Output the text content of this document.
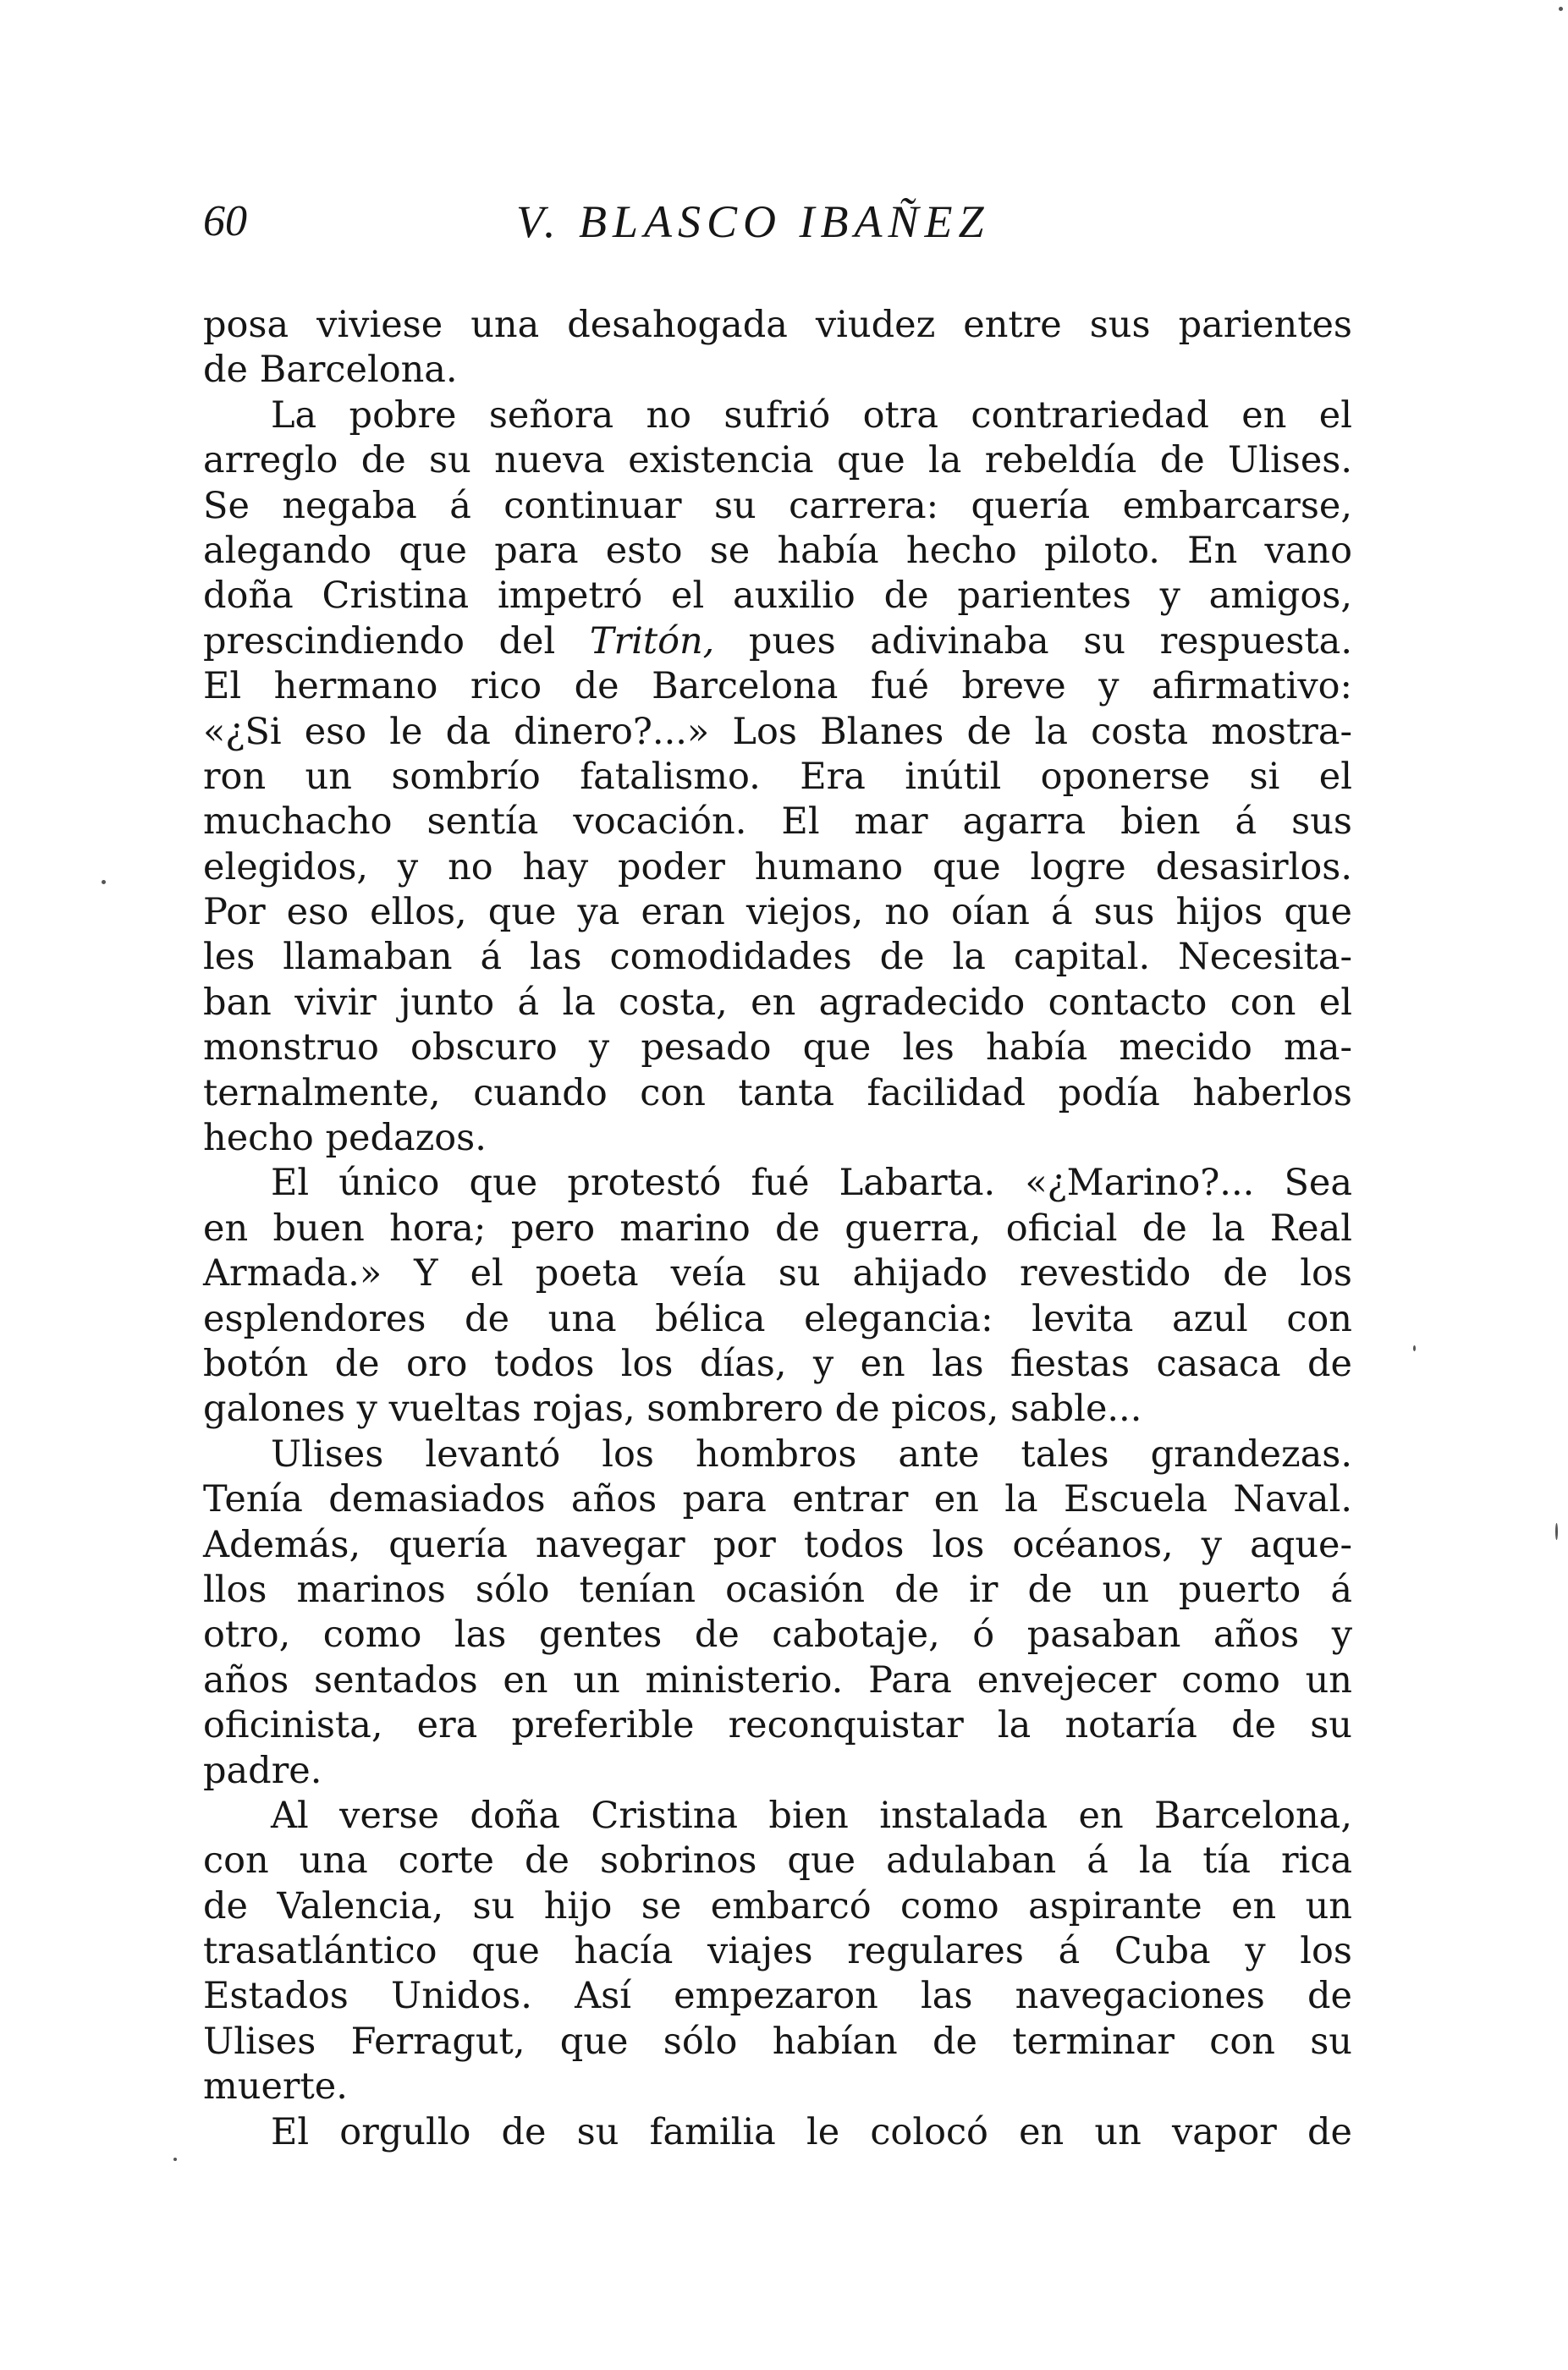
60	V. BLASCO IBAÑEZ
posa viviese una desahogada viudez entre sus parientes
de Barcelona.
La pobre señora no sufrió otra contrariedad en el
arreglo de su nueva existencia que la rebeldía de Ulises.
Se negaba á continuar su carrera: quería embarcarse,
alegando que para esto se había hecho piloto. En vano
doña Cristina impetró el auxilio de parientes y amigos,
prescindiendo del Tritón, pues adivinaba su respuesta.
El hermano rico de Barcelona fué breve y afirmativo:
«¿Si eso le da dinero?...» Los Blanes de la costa mostra-
ron un sombrío fatalismo. Era inútil oponerse si el
muchacho sentía vocación. El mar agarra bien á sus
elegidos, y no hay poder humano que logre desasirlos.
Por eso ellos, que ya eran viejos, no oían á sus hijos que
les llamaban á las comodidades de la capital. Necesita-
ban vivir junto á la costa, en agradecido contacto con el
monstruo obscuro y pesado que les había mecido ma-
ternalmente, cuando con tanta facilidad podía haberlos
hecho pedazos.
El único que protestó fué Labarta. «¿Marino?... Sea
en buen hora; pero marino de guerra, oficial de la Real
Armada.» Y el poeta veía su ahijado revestido de los
esplendores de una bélica elegancia: levita azul con
botón de oro todos los días, y en las fiestas casaca de
galones y vueltas rojas, sombrero de picos, sable...
Ulises levantó los hombros ante tales grandezas.
Tenía demasiados años para entrar en la Escuela Naval.
Además, quería navegar por todos los océanos, y aque-
llos marinos sólo tenían ocasión de ir de un puerto á
otro, como las gentes de cabotaje, ó pasaban años y
años sentados en un ministerio. Para envejecer como un
oficinista, era preferible reconquistar la notaría de su
padre.
Al verse doña Cristina bien instalada en Barcelona,
con una corte de sobrinos que adulaban á la tía rica
de Valencia, su hijo se embarcó como aspirante en un
trasatlántico que hacía viajes regulares á Cuba y los
Estados Unidos. Así empezaron las navegaciones de
Ulises Ferragut, que sólo habían de terminar con su
muerte.
El orgullo de su familia le colocó en un vapor de
